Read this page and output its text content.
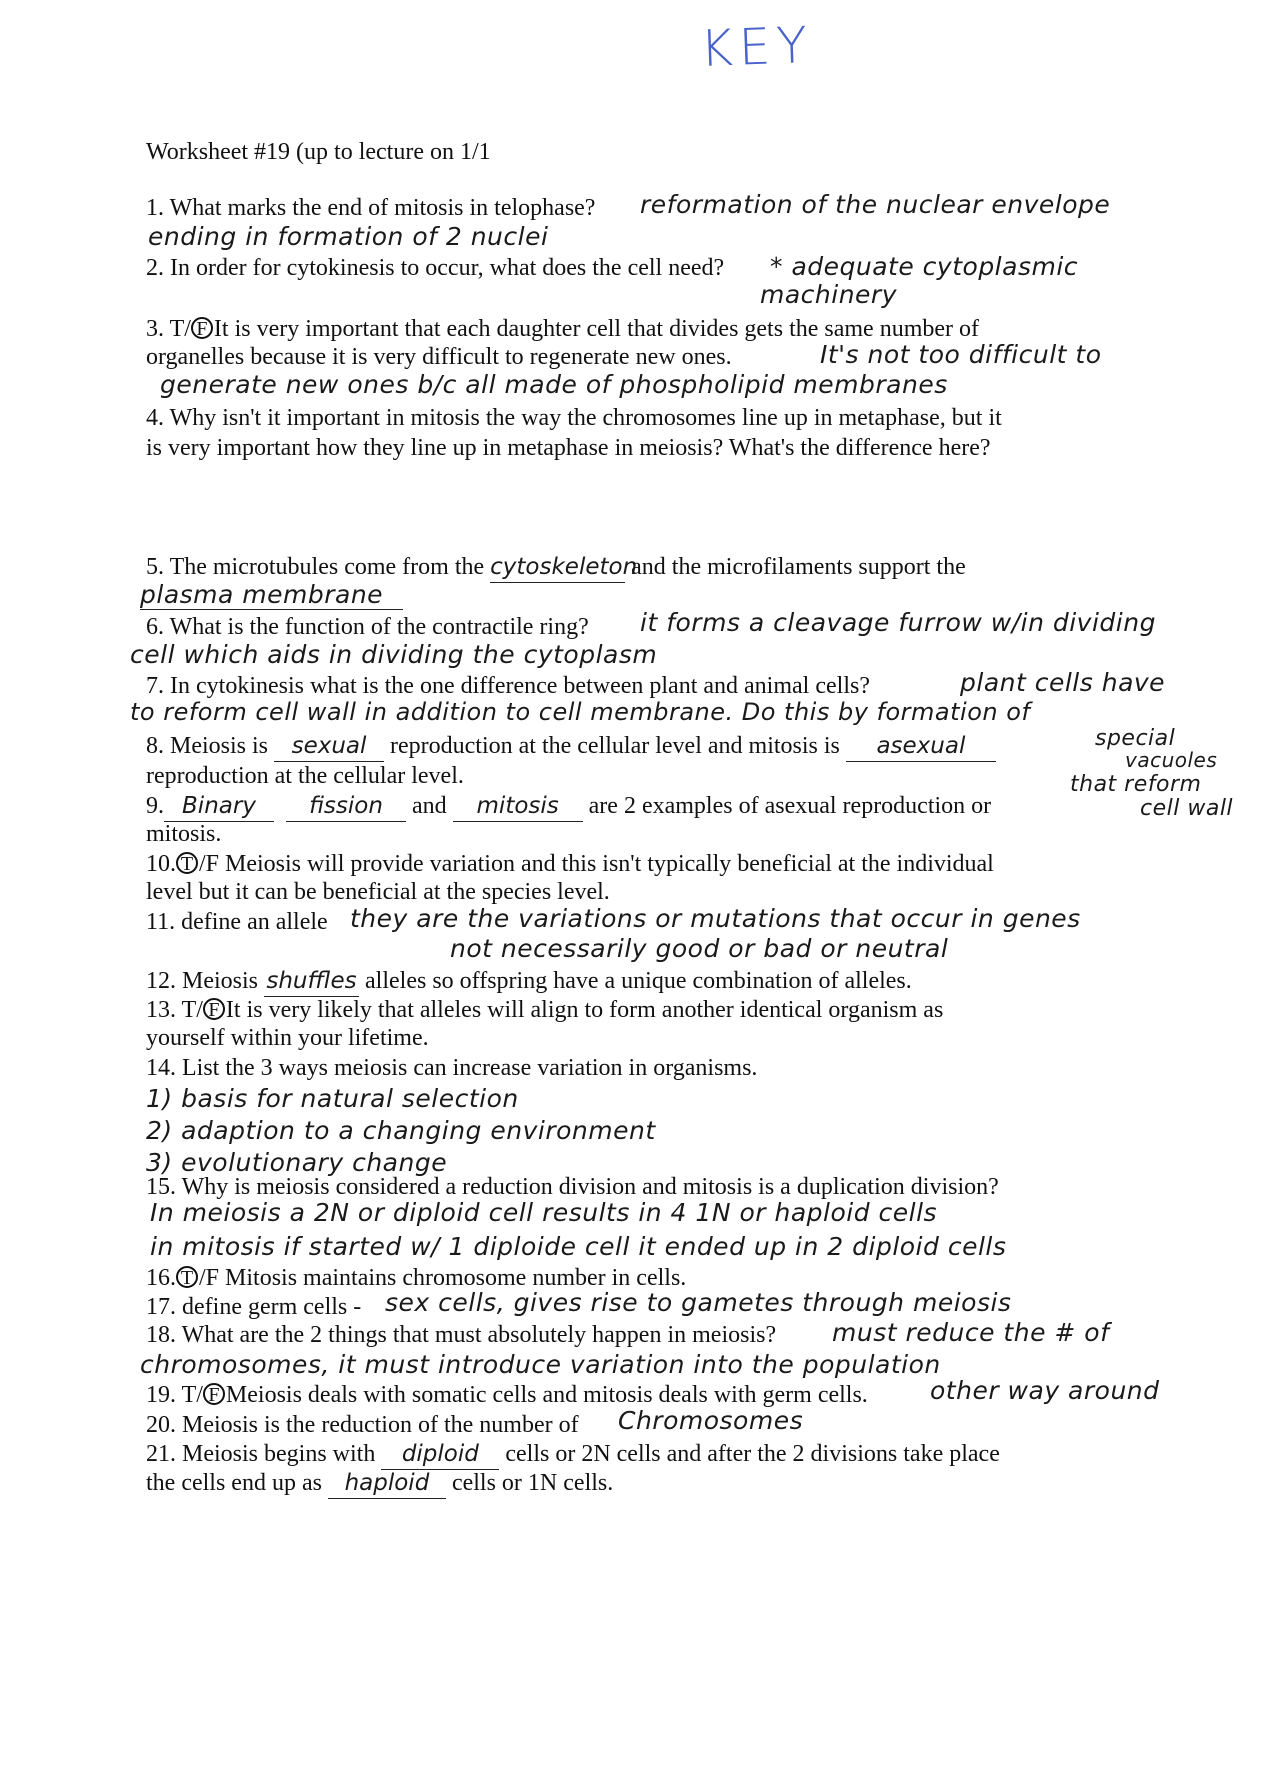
KEY
Worksheet #19 (up to lecture on 1/1
1. What marks the end of mitosis in telophase? reformation of the nuclear envelope
ending in formation of 2 nuclei
2. In order for cytokinesis to occur, what does the cell need? * adequate cytoplasmic
machinery
3. T/ F It is very important that each daughter cell that divides gets the same number of
organelles because it is very difficult to regenerate new ones.	It's not too difficult to
generate new ones b/c all made of phospholipid membranes
4. Why isn't it important in mitosis the way the chromosomes line up in metaphase, but it
is very important how they line up in metaphase in meiosis? What's the difference here?
5. The microtubules come from the cytoskeleton and the microfilaments support the
plasma membrane
6. What is the function of the contractile ring? it forms a cleavage furrow w/in dividing
cell which aids in dividing the cytoplasm
7. In cytokinesis what is the one difference between plant and animal cells?	plant cells have
to reform cell wall in addition to cell membrane. Do this by formation of
special
vacuoles
that reform
cell wall
8. Meiosis is sexual reproduction at the cellular level and mitosis is asexual
reproduction at the cellular level.
9. Binary fission and mitosis are 2 examples of asexual reproduction or
mitosis.
10. T /F Meiosis will provide variation and this isn't typically beneficial at the individual
level but it can be beneficial at the species level.
11. define an allele they are the variations or mutations that occur in genes
not necessarily good or bad or neutral
12. Meiosis shuffles alleles so offspring have a unique combination of alleles.
13. T/ F It is very likely that alleles will align to form another identical organism as
yourself within your lifetime.
14. List the 3 ways meiosis can increase variation in organisms.
1) basis for natural selection
2) adaption to a changing environment
3) evolutionary change
15. Why is meiosis considered a reduction division and mitosis is a duplication division?
In meiosis a 2N or diploid cell results in 4 1N or haploid cells
in mitosis if started w/ 1 diploide cell it ended up in 2 diploid cells
16. T /F Mitosis maintains chromosome number in cells.
17. define germ cells - sex cells, gives rise to gametes through meiosis
18. What are the 2 things that must absolutely happen in meiosis? must reduce the # of
chromosomes, it must introduce variation into the population
19. T/ F Meiosis deals with somatic cells and mitosis deals with germ cells. other way around
20. Meiosis is the reduction of the number of Chromosomes
21. Meiosis begins with diploid cells or 2N cells and after the 2 divisions take place
the cells end up as haploid cells or 1N cells.
